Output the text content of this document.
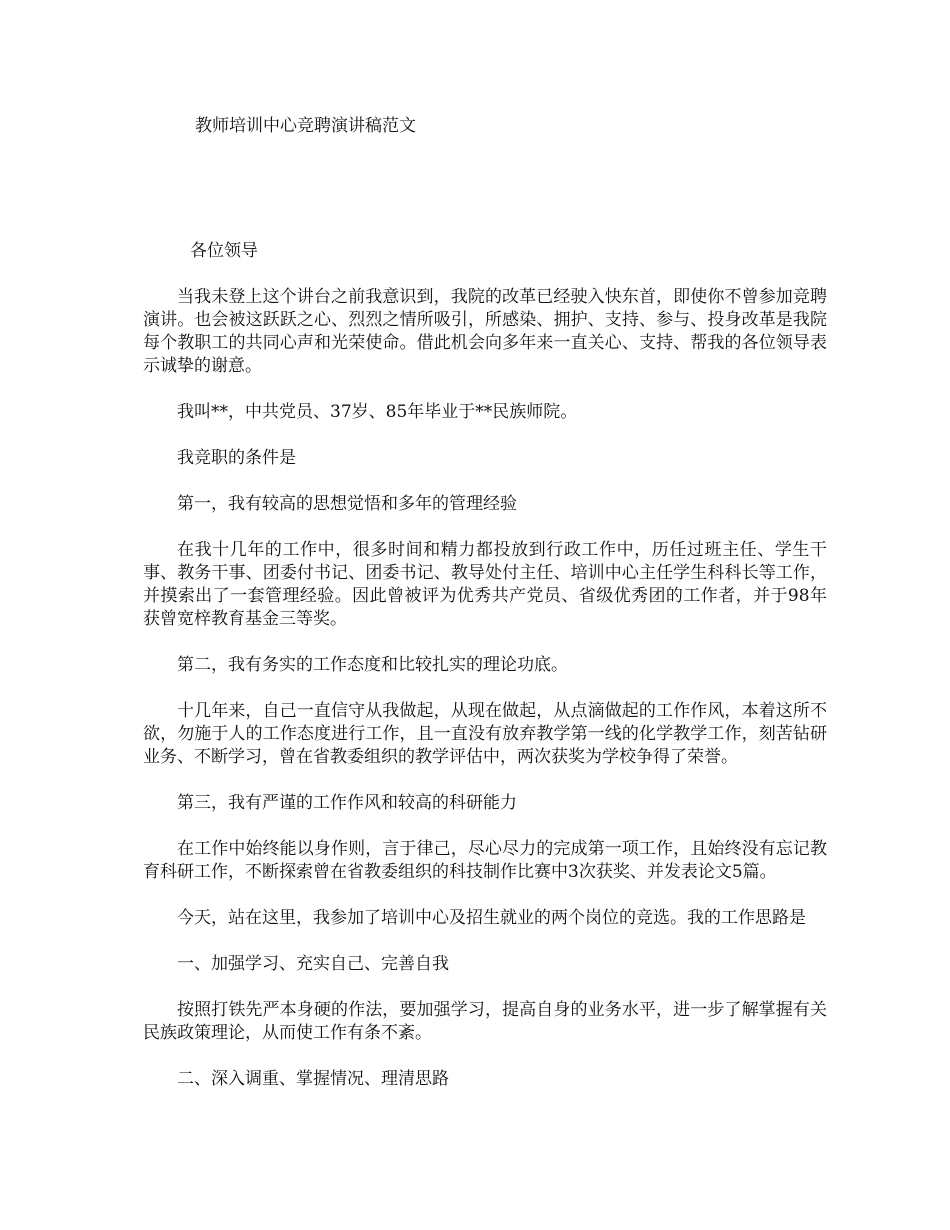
教师培训中心竞聘演讲稿范文

各位领导

当我未登上这个讲台之前我意识到，我院的改革已经驶入快东首，即使你不曾参加竞聘演讲。也会被这跃跃之心、烈烈之情所吸引，所感染、拥护、支持、参与、投身改革是我院每个教职工的共同心声和光荣使命。借此机会向多年来一直关心、支持、帮我的各位领导表示诚挚的谢意。

我叫**，中共党员、37岁、85年毕业于**民族师院。

我竞职的条件是

第一，我有较高的思想觉悟和多年的管理经验

在我十几年的工作中，很多时间和精力都投放到行政工作中，历任过班主任、学生干事、教务干事、团委付书记、团委书记、教导处付主任、培训中心主任学生科科长等工作，并摸索出了一套管理经验。因此曾被评为优秀共产党员、省级优秀团的工作者，并于98年获曾宽梓教育基金三等奖。

第二，我有务实的工作态度和比较扎实的理论功底。

十几年来，自己一直信守从我做起，从现在做起，从点滴做起的工作作风，本着这所不欲，勿施于人的工作态度进行工作，且一直没有放弃教学第一线的化学教学工作，刻苦钻研业务、不断学习，曾在省教委组织的教学评估中，两次获奖为学校争得了荣誉。

第三，我有严谨的工作作风和较高的科研能力

在工作中始终能以身作则，言于律己，尽心尽力的完成第一项工作，且始终没有忘记教育科研工作，不断探索曾在省教委组织的科技制作比赛中3次获奖、并发表论文5篇。

今天，站在这里，我参加了培训中心及招生就业的两个岗位的竞选。我的工作思路是

一、加强学习、充实自己、完善自我

按照打铁先严本身硬的作法，要加强学习，提高自身的业务水平，进一步了解掌握有关民族政策理论，从而使工作有条不紊。

二、深入调重、掌握情况、理清思路
